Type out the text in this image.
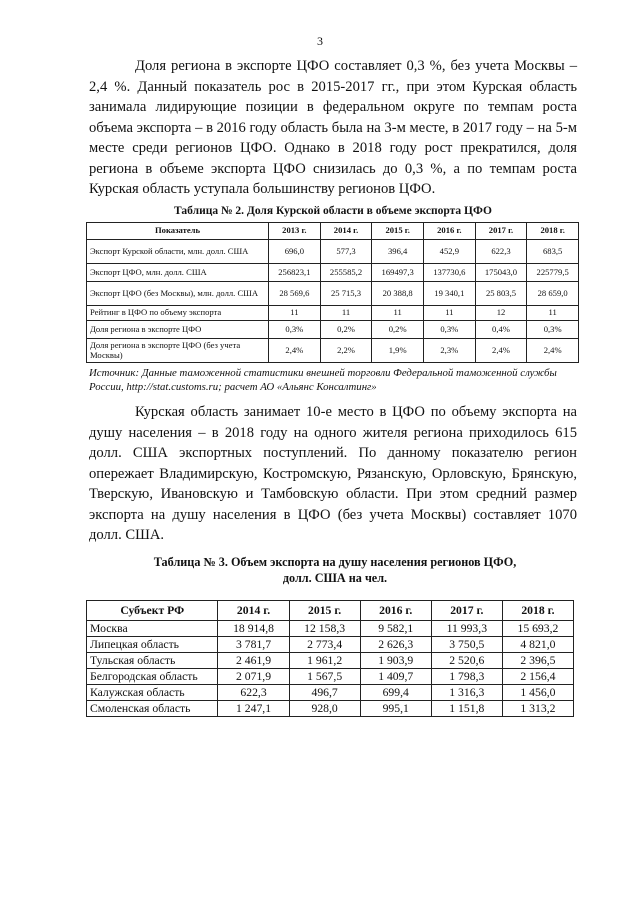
3

Доля региона в экспорте ЦФО составляет 0,3 %, без учета Москвы – 2,4 %. Данный показатель рос в 2015-2017 гг., при этом Курская область занимала лидирующие позиции в федеральном округе по темпам роста объема экспорта – в 2016 году область была на 3-м месте, в 2017 году – на 5-м месте среди регионов ЦФО. Однако в 2018 году рост прекратился, доля региона в объеме экспорта ЦФО снизилась до 0,3 %, а по темпам роста Курская область уступала большинству регионов ЦФО.

Таблица № 2. Доля Курской области в объеме экспорта ЦФО
Показатель	2013 г.	2014 г.	2015 г.	2016 г.	2017 г.	2018 г.
Экспорт Курской области, млн. долл. США	696,0	577,3	396,4	452,9	622,3	683,5
Экспорт ЦФО, млн. долл. США	256823,1	255585,2	169497,3	137730,6	175043,0	225779,5
Экспорт ЦФО (без Москвы), млн. долл. США	28 569,6	25 715,3	20 388,8	19 340,1	25 803,5	28 659,0
Рейтинг в ЦФО по объему экспорта	11	11	11	11	12	11
Доля региона в экспорте ЦФО	0,3%	0,2%	0,2%	0,3%	0,4%	0,3%
Доля региона в экспорте ЦФО (без учета Москвы)	2,4%	2,2%	1,9%	2,3%	2,4%	2,4%
Источник: Данные таможенной статистики внешней торговли Федеральной таможенной службы России, http://stat.customs.ru; расчет АО «Альянс Консалтинг»

Курская область занимает 10-е место в ЦФО по объему экспорта на душу населения – в 2018 году на одного жителя региона приходилось 615 долл. США экспортных поступлений. По данному показателю регион опережает Владимирскую, Костромскую, Рязанскую, Орловскую, Брянскую, Тверскую, Ивановскую и Тамбовскую области. При этом средний размер экспорта на душу населения в ЦФО (без учета Москвы) составляет 1070 долл. США.

Таблица № 3. Объем экспорта на душу населения регионов ЦФО,
долл. США на чел.
Субъект РФ	2014 г.	2015 г.	2016 г.	2017 г.	2018 г.
Москва	18 914,8	12 158,3	9 582,1	11 993,3	15 693,2
Липецкая область	3 781,7	2 773,4	2 626,3	3 750,5	4 821,0
Тульская область	2 461,9	1 961,2	1 903,9	2 520,6	2 396,5
Белгородская область	2 071,9	1 567,5	1 409,7	1 798,3	2 156,4
Калужская область	622,3	496,7	699,4	1 316,3	1 456,0
Смоленская область	1 247,1	928,0	995,1	1 151,8	1 313,2
